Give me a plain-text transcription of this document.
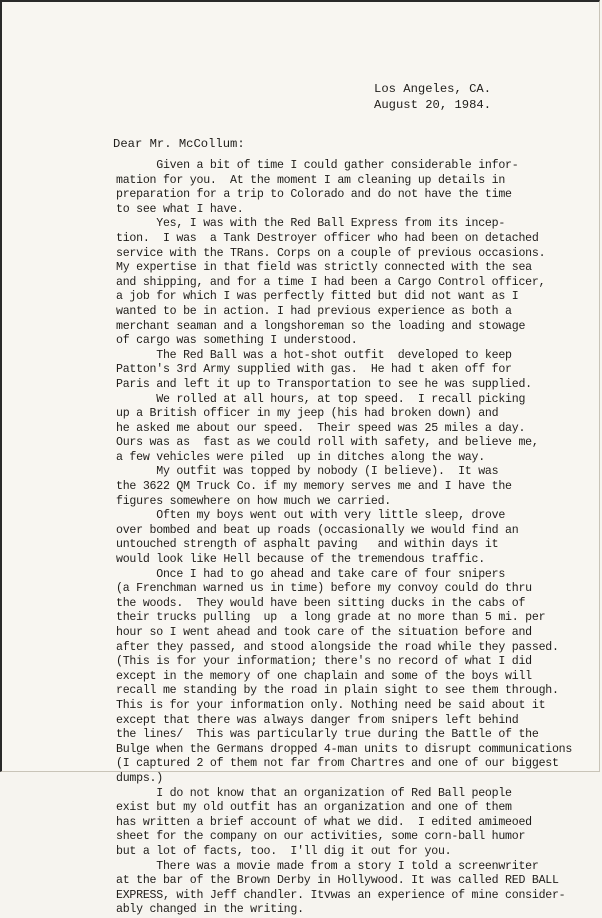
Los Angeles, CA.
August 20, 1984.
Dear Mr. McCollum:
Given a bit of time I could gather considerable infor-
mation for you.  At the moment I am cleaning up details in
preparation for a trip to Colorado and do not have the time
to see what I have.
Yes, I was with the Red Ball Express from its incep-
tion.  I was  a Tank Destroyer officer who had been on detached
service with the TRans. Corps on a couple of previous occasions.
My expertise in that field was strictly connected with the sea
and shipping, and for a time I had been a Cargo Control officer,
a job for which I was perfectly fitted but did not want as I
wanted to be in action. I had previous experience as both a
merchant seaman and a longshoreman so the loading and stowage
of cargo was something I understood.
The Red Ball was a hot-shot outfit  developed to keep
Patton's 3rd Army supplied with gas.  He had t aken off for
Paris and left it up to Transportation to see he was supplied.
We rolled at all hours, at top speed.  I recall picking
up a British officer in my jeep (his had broken down) and
he asked me about our speed.  Their speed was 25 miles a day.
Ours was as  fast as we could roll with safety, and believe me,
a few vehicles were piled  up in ditches along the way.
My outfit was topped by nobody (I believe).  It was
the 3622 QM Truck Co. if my memory serves me and I have the
figures somewhere on how much we carried.
Often my boys went out with very little sleep, drove
over bombed and beat up roads (occasionally we would find an
untouched strength of asphalt paving   and within days it
would look like Hell because of the tremendous traffic.
Once I had to go ahead and take care of four snipers
(a Frenchman warned us in time) before my convoy could do thru
the woods.  They would have been sitting ducks in the cabs of
their trucks pulling  up  a long grade at no more than 5 mi. per
hour so I went ahead and took care of the situation before and
after they passed, and stood alongside the road while they passed.
(This is for your information; there's no record of what I did
except in the memory of one chaplain and some of the boys will
recall me standing by the road in plain sight to see them through.
This is for your information only. Nothing need be said about it
except that there was always danger from snipers left behind
the lines/  This was particularly true during the Battle of the
Bulge when the Germans dropped 4-man units to disrupt communications
(I captured 2 of them not far from Chartres and one of our biggest
dumps.)
I do not know that an organization of Red Ball people
exist but my old outfit has an organization and one of them
has written a brief account of what we did.  I edited amimeoed
sheet for the company on our activities, some corn-ball humor
but a lot of facts, too.  I'll dig it out for you.
There was a movie made from a story I told a screenwriter
at the bar of the Brown Derby in Hollywood. It was called RED BALL
EXPRESS, with Jeff chandler. Itvwas an experience of mine consider-
ably changed in the writing.
